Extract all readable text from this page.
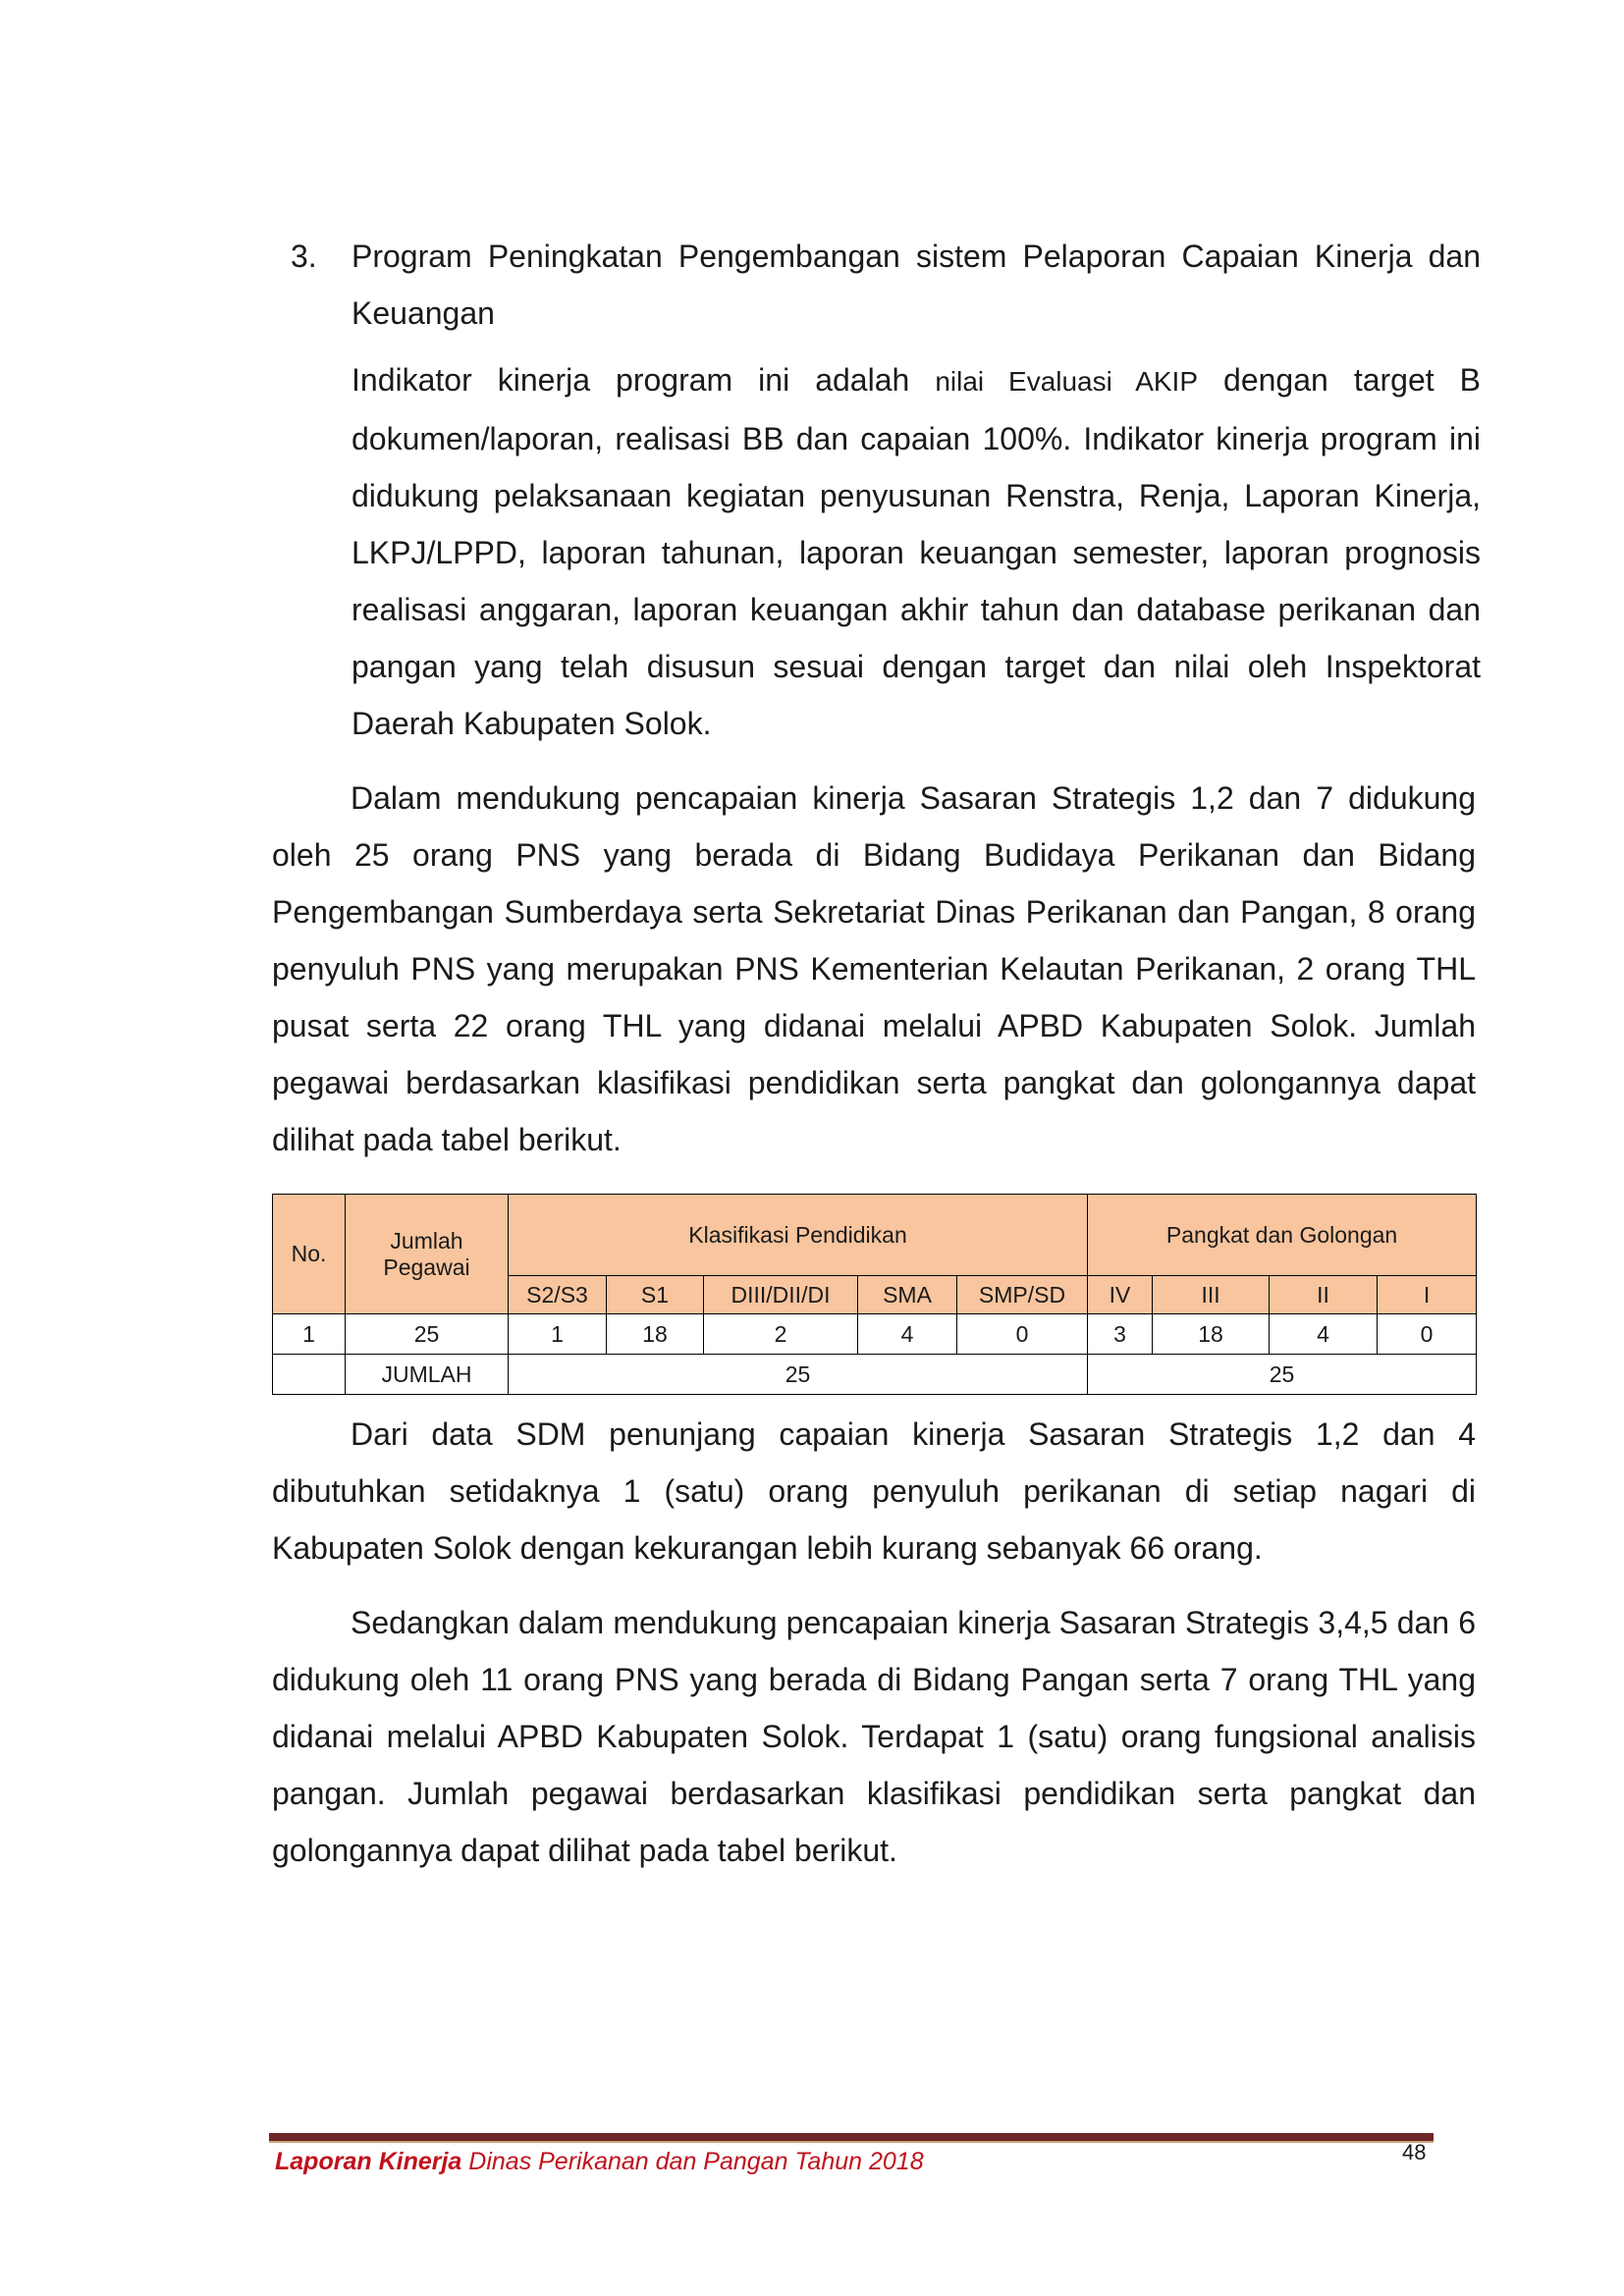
3. Program Peningkatan Pengembangan sistem Pelaporan Capaian Kinerja dan Keuangan
Indikator kinerja program ini adalah nilai Evaluasi AKIP dengan target B dokumen/laporan, realisasi BB dan capaian 100%. Indikator kinerja program ini didukung pelaksanaan kegiatan penyusunan Renstra, Renja, Laporan Kinerja, LKPJ/LPPD, laporan tahunan, laporan keuangan semester, laporan prognosis realisasi anggaran, laporan keuangan akhir tahun dan database perikanan dan pangan yang telah disusun sesuai dengan target dan nilai oleh Inspektorat Daerah Kabupaten Solok.
Dalam mendukung pencapaian kinerja Sasaran Strategis 1,2 dan 7 didukung oleh 25 orang PNS yang berada di Bidang Budidaya Perikanan dan Bidang Pengembangan Sumberdaya serta Sekretariat Dinas Perikanan dan Pangan, 8 orang penyuluh PNS yang merupakan PNS Kementerian Kelautan Perikanan, 2 orang THL pusat serta 22 orang THL yang didanai melalui APBD Kabupaten Solok. Jumlah pegawai berdasarkan klasifikasi pendidikan serta pangkat dan golongannya dapat dilihat pada tabel berikut.
No.	Jumlah Pegawai	Klasifikasi Pendidikan					Pangkat dan Golongan			
		S2/S3	S1	DIII/DII/DI	SMA	SMP/SD	IV	III	II	I
1	25	1	18	2	4	0	3	18	4	0
	JUMLAH	25					25			
Dari data SDM penunjang capaian kinerja Sasaran Strategis 1,2 dan 4 dibutuhkan setidaknya 1 (satu) orang penyuluh perikanan di setiap nagari di Kabupaten Solok dengan kekurangan lebih kurang sebanyak 66 orang.
Sedangkan dalam mendukung pencapaian kinerja Sasaran Strategis 3,4,5 dan 6 didukung oleh 11 orang PNS yang berada di Bidang Pangan serta 7 orang THL yang didanai melalui APBD Kabupaten Solok. Terdapat 1 (satu) orang fungsional analisis pangan. Jumlah pegawai berdasarkan klasifikasi pendidikan serta pangkat dan golongannya dapat dilihat pada tabel berikut.
Laporan Kinerja Dinas Perikanan dan Pangan Tahun 2018	48
